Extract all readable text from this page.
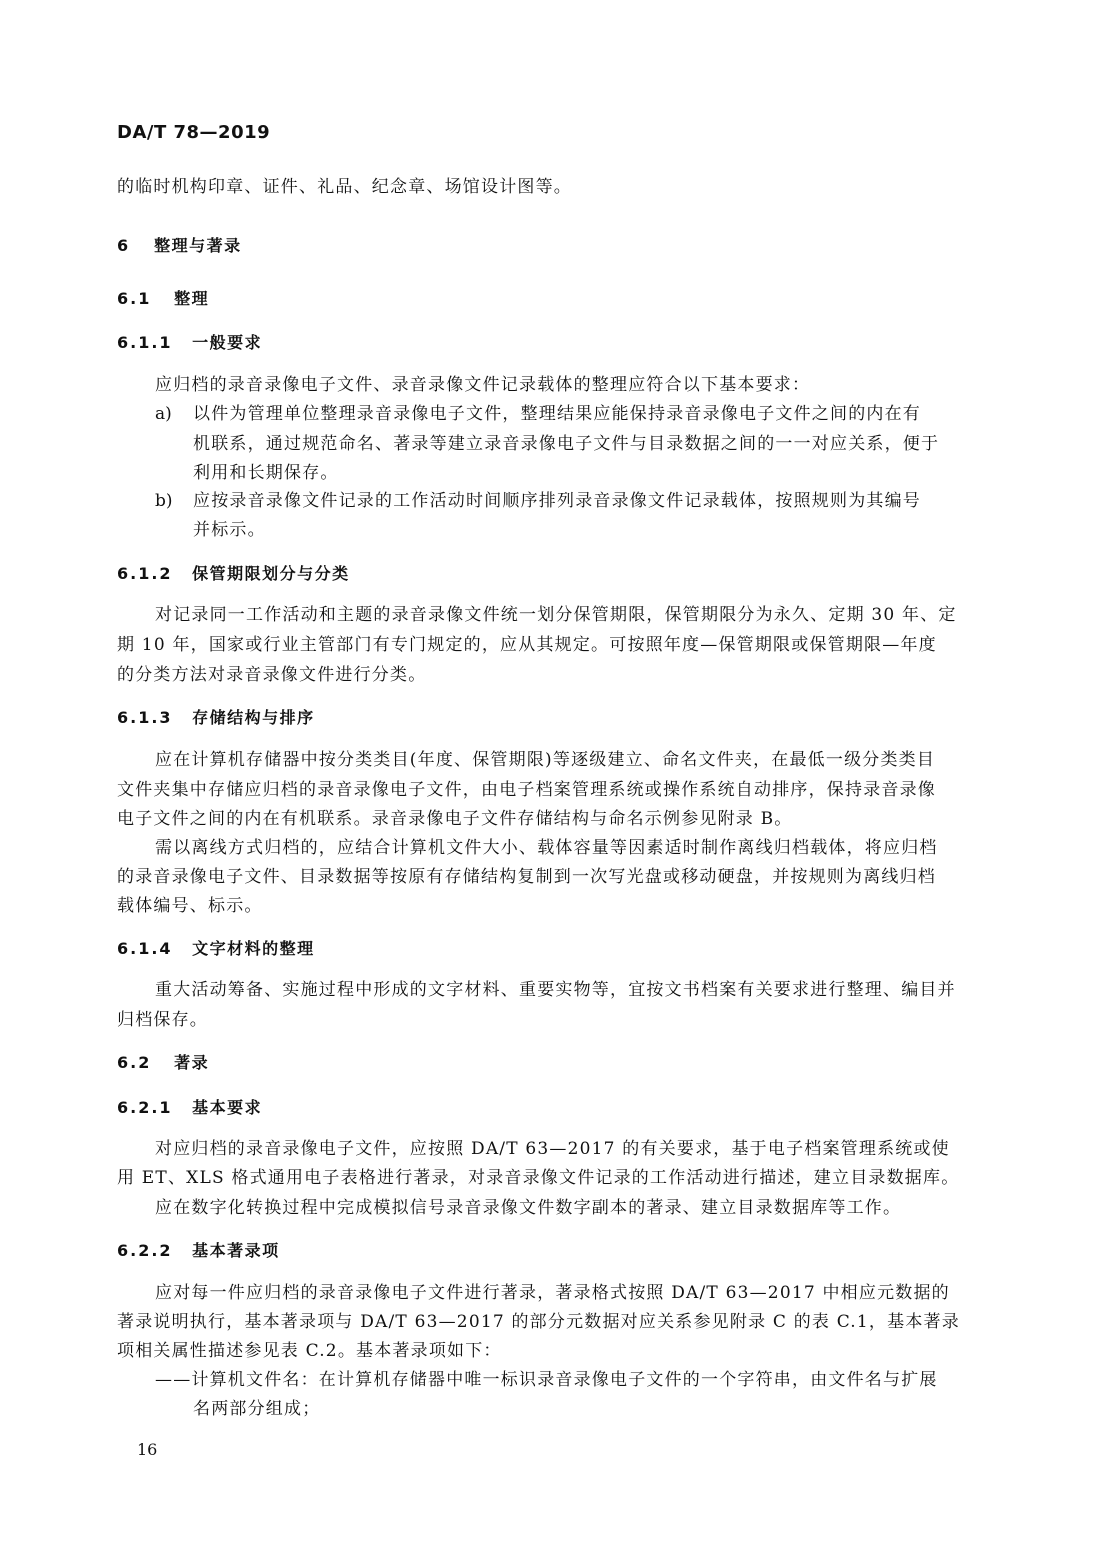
DA/T 78—2019
的临时机构印章、证件、礼品、纪念章、场馆设计图等。
6 整理与著录
6.1 整理
6.1.1 一般要求
应归档的录音录像电子文件、录音录像文件记录载体的整理应符合以下基本要求：
a) 以件为管理单位整理录音录像电子文件，整理结果应能保持录音录像电子文件之间的内在有
机联系，通过规范命名、著录等建立录音录像电子文件与目录数据之间的一一对应关系，便于
利用和长期保存。
b) 应按录音录像文件记录的工作活动时间顺序排列录音录像文件记录载体，按照规则为其编号
并标示。
6.1.2 保管期限划分与分类
对记录同一工作活动和主题的录音录像文件统一划分保管期限，保管期限分为永久、定期 30 年、定
期 10 年，国家或行业主管部门有专门规定的，应从其规定。可按照年度—保管期限或保管期限—年度
的分类方法对录音录像文件进行分类。
6.1.3 存储结构与排序
应在计算机存储器中按分类类目(年度、保管期限)等逐级建立、命名文件夹，在最低一级分类类目
文件夹集中存储应归档的录音录像电子文件，由电子档案管理系统或操作系统自动排序，保持录音录像
电子文件之间的内在有机联系。录音录像电子文件存储结构与命名示例参见附录 B。
需以离线方式归档的，应结合计算机文件大小、载体容量等因素适时制作离线归档载体，将应归档
的录音录像电子文件、目录数据等按原有存储结构复制到一次写光盘或移动硬盘，并按规则为离线归档
载体编号、标示。
6.1.4 文字材料的整理
重大活动筹备、实施过程中形成的文字材料、重要实物等，宜按文书档案有关要求进行整理、编目并
归档保存。
6.2 著录
6.2.1 基本要求
对应归档的录音录像电子文件，应按照 DA/T 63—2017 的有关要求，基于电子档案管理系统或使
用 ET、XLS 格式通用电子表格进行著录，对录音录像文件记录的工作活动进行描述，建立目录数据库。
应在数字化转换过程中完成模拟信号录音录像文件数字副本的著录、建立目录数据库等工作。
6.2.2 基本著录项
应对每一件应归档的录音录像电子文件进行著录，著录格式按照 DA/T 63—2017 中相应元数据的
著录说明执行，基本著录项与 DA/T 63—2017 的部分元数据对应关系参见附录 C 的表 C.1，基本著录
项相关属性描述参见表 C.2。基本著录项如下：
——计算机文件名：在计算机存储器中唯一标识录音录像电子文件的一个字符串，由文件名与扩展
名两部分组成；
16
